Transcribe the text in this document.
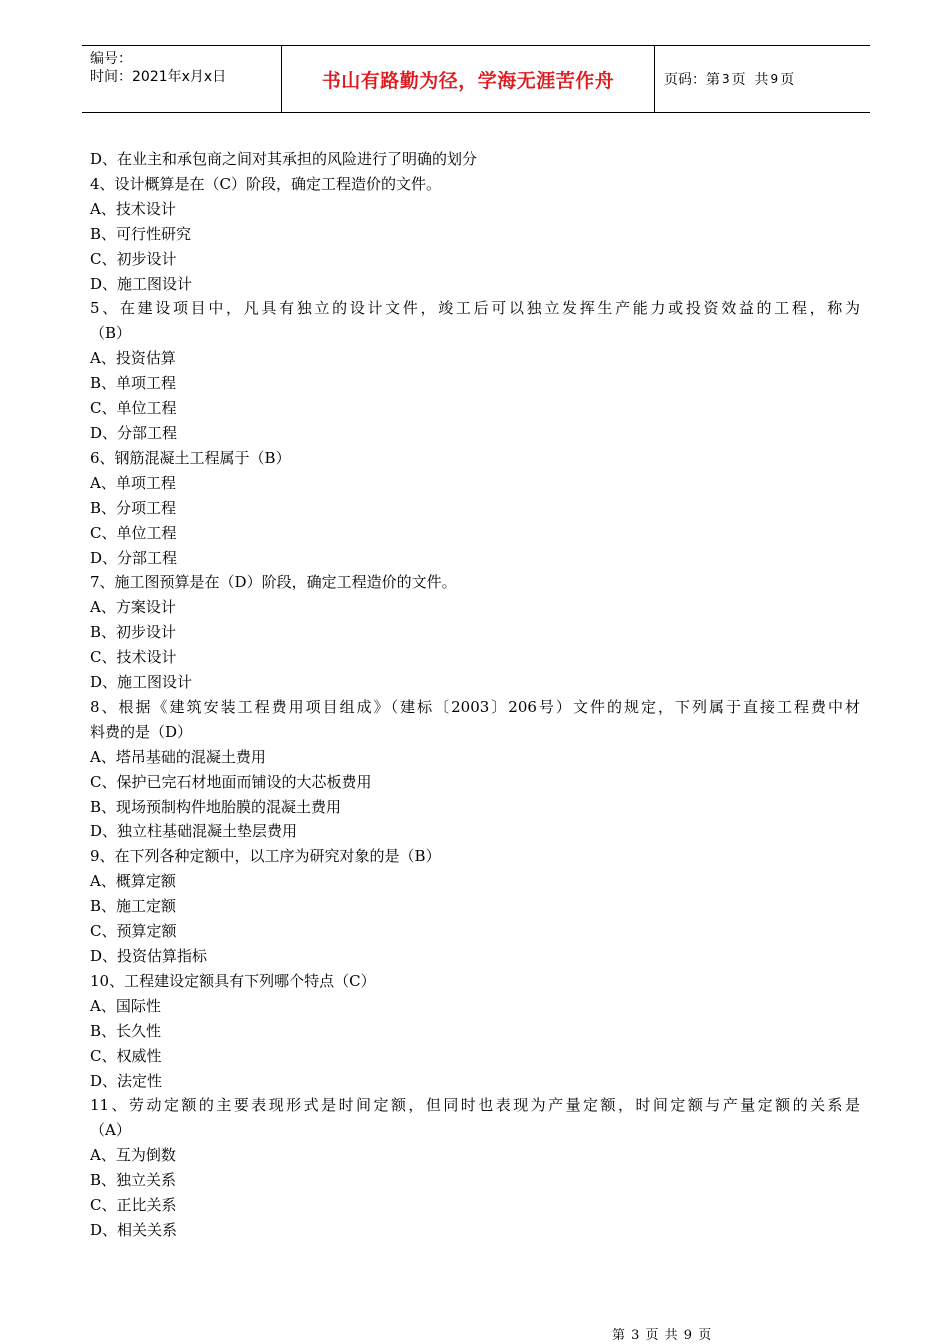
编号：
时间：2021年x月x日	书山有路勤为径，学海无涯苦作舟	页码：第 3 页  共 9 页
D、在业主和承包商之间对其承担的风险进行了明确的划分
4、设计概算是在（C）阶段，确定工程造价的文件。
A、技术设计
B、可行性研究
C、初步设计
D、施工图设计
5、在建设项目中，凡具有独立的设计文件，竣工后可以独立发挥生产能力或投资效益的工程，称为
（B）
A、投资估算
B、单项工程
C、单位工程
D、分部工程
6、钢筋混凝土工程属于（B）
A、单项工程
B、分项工程
C、单位工程
D、分部工程
7、施工图预算是在（D）阶段，确定工程造价的文件。
A、方案设计
B、初步设计
C、技术设计
D、施工图设计
8、根据《建筑安装工程费用项目组成》（建标〔2003〕206号）文件的规定，下列属于直接工程费中材
料费的是（D）
A、塔吊基础的混凝土费用
C、保护已完石材地面而铺设的大芯板费用
B、现场预制构件地胎膜的混凝土费用
D、独立柱基础混凝土垫层费用
9、在下列各种定额中，以工序为研究对象的是（B）
A、概算定额
B、施工定额
C、预算定额
D、投资估算指标
10、工程建设定额具有下列哪个特点（C）
A、国际性
B、长久性
C、权威性
D、法定性
11、劳动定额的主要表现形式是时间定额，但同时也表现为产量定额，时间定额与产量定额的关系是
（A）
A、互为倒数
B、独立关系
C、正比关系
D、相关关系
第 3 页 共 9 页
